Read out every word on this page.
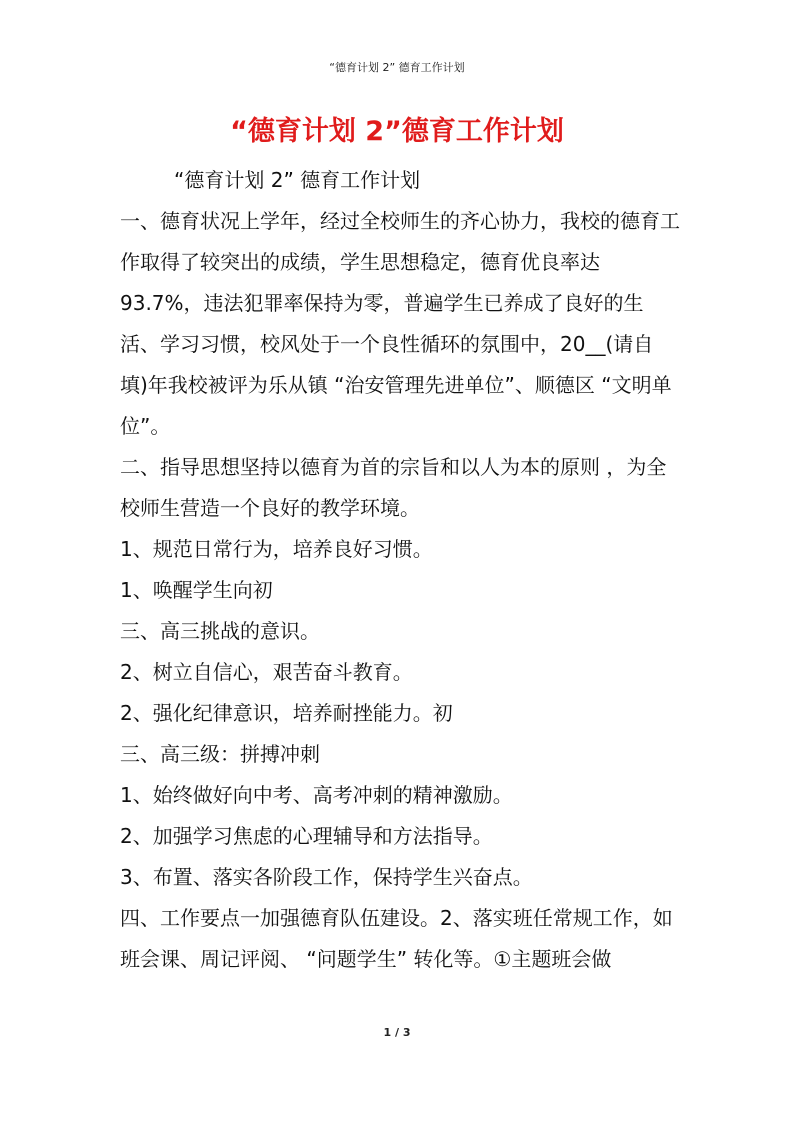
“德育计划 2” 德育工作计划
“德育计划 2”德育工作计划

“德育计划 2” 德育工作计划

一、德育状况上学年，经过全校师生的齐心协力，我校的德育工作取得了较突出的成绩，学生思想稳定，德育优良率达 93.7%，违法犯罪率保持为零，普遍学生已养成了良好的生活、学习习惯，校风处于一个良性循环的氛围中，20__(请自填)年我校被评为乐从镇 “治安管理先进单位”、顺德区 “文明单位”。

二、指导思想坚持以德育为首的宗旨和以人为本的原则 ，为全校师生营造一个良好的教学环境。

1、规范日常行为，培养良好习惯。

1、唤醒学生向初

三、高三挑战的意识。

2、树立自信心，艰苦奋斗教育。

2、强化纪律意识，培养耐挫能力。初

三、高三级：拼搏冲刺

1、始终做好向中考、高考冲刺的精神激励。

2、加强学习焦虑的心理辅导和方法指导。

3、布置、落实各阶段工作，保持学生兴奋点。

四、工作要点一加强德育队伍建设。2、落实班任常规工作，如班会课、周记评阅、 “问题学生” 转化等。①主题班会做

1 / 3
